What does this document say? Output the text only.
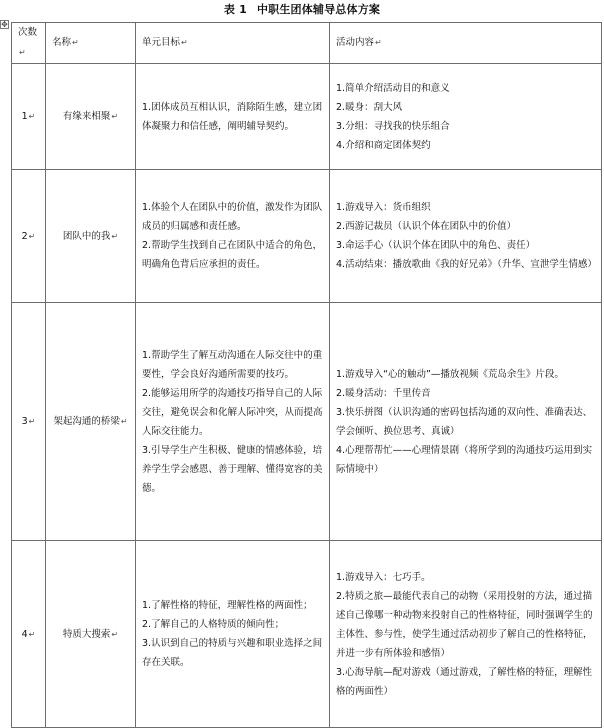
表 1 中职生团体辅导总体方案
✥
次数↵	名称↵	单元目标↵	活动内容↵
1↵	有缘来相聚↵	1.团体成员互相认识，消除陌生感，建立团体凝聚力和信任感，阐明辅导契约。	1.简单介绍活动目的和意义
2.暖身：刮大风
3.分组：寻找我的快乐组合
4.介绍和商定团体契约

2↵	团队中的我↵	1.体验个人在团队中的价值，激发作为团队成员的归属感和责任感。
2.帮助学生找到自己在团队中适合的角色，明确角色背后应承担的责任。	1.游戏导入：货币组织
2.西游记裁员（认识个体在团队中的价值）
3.命运手心（认识个体在团队中的角色、责任）
4.活动结束：播放歌曲《我的好兄弟》（升华、宣泄学生情感）

3↵	架起沟通的桥梁↵	1.帮助学生了解互动沟通在人际交往中的重要性，学会良好沟通所需要的技巧。
2.能够运用所学的沟通技巧指导自己的人际交往，避免误会和化解人际冲突，从而提高人际交往能力。
3.引导学生产生积极、健康的情感体验，培养学生学会感恩、善于理解、懂得宽容的美德。	1.游戏导入“心的触动”—播放视频《荒岛余生》片段。
2.暖身活动：千里传音
3.快乐拼图（认识沟通的密码包括沟通的双向性、准确表达、学会倾听、换位思考、真诚）
4.心理帮帮忙——心理情景剧（将所学到的沟通技巧运用到实际情境中）

4↵	特质大搜索↵	1.了解性格的特征，理解性格的两面性；
2.了解自己的人格特质的倾向性；
3.认识到自己的特质与兴趣和职业选择之间存在关联。	1.游戏导入：七巧手。
2.特质之旅—最能代表自己的动物（采用投射的方法，通过描述自己像哪一种动物来投射自己的性格特征，同时强调学生的主体性、参与性，使学生通过活动初步了解自己的性格特征，并进一步有所体验和感悟）
3.心海导航—配对游戏（通过游戏，了解性格的特征，理解性格的两面性）
